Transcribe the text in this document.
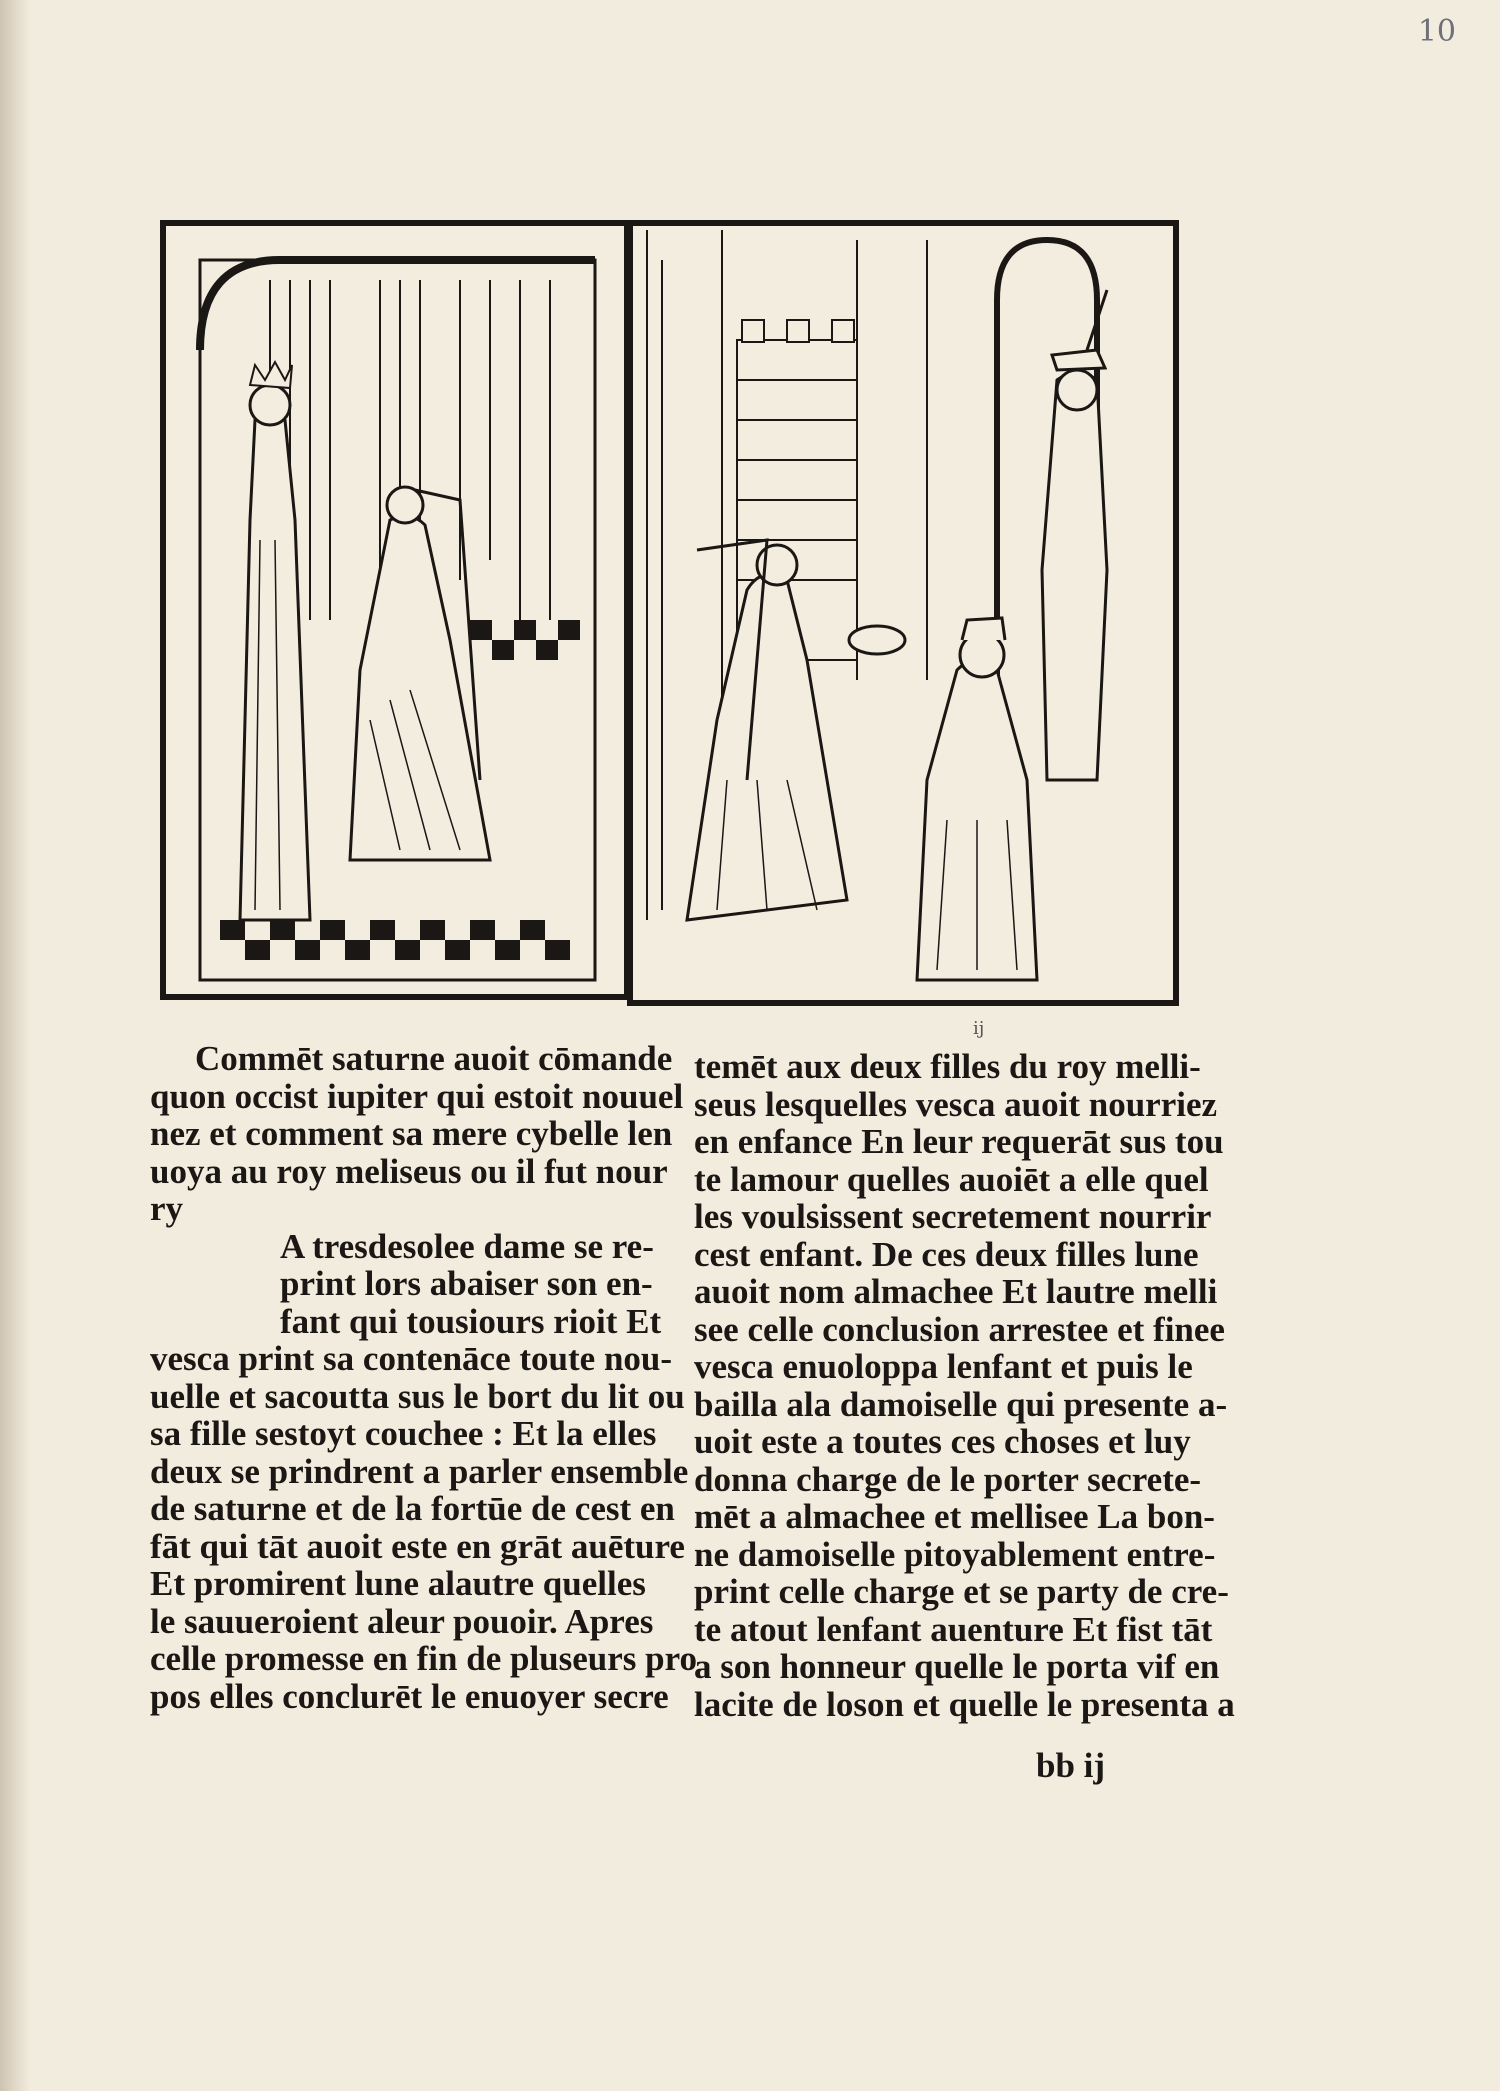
10
ij
Commēt saturne auoit cōmande
quon occist iupiter qui estoit nouuel
nez et comment sa mere cybelle len
uoya au roy meliseus ou il fut nour
ry
A tresdesolee dame se re-
print lors abaiser son en-
fant qui tousiours rioit Et
vesca print sa contenāce toute nou-
uelle et sacoutta sus le bort du lit ou
sa fille sestoyt couchee : Et la elles
deux se prindrent a parler ensemble
de saturne et de la fortūe de cest en
fāt qui tāt auoit este en grāt auēture
Et promirent lune alautre quelles
le sauueroient aleur pouoir. Apres
celle promesse en fin de pluseurs pro
pos elles conclurēt le enuoyer secre
temēt aux deux filles du roy melli-
seus lesquelles vesca auoit nourriez
en enfance En leur requerāt sus tou
te lamour quelles auoiēt a elle quel
les voulsissent secretement nourrir
cest enfant. De ces deux filles lune
auoit nom almachee Et lautre melli
see celle conclusion arrestee et finee
vesca enuoloppa lenfant et puis le
bailla ala damoiselle qui presente a-
uoit este a toutes ces choses et luy
donna charge de le porter secrete-
mēt a almachee et mellisee La bon-
ne damoiselle pitoyablement entre-
print celle charge et se party de cre-
te atout lenfant auenture Et fist tāt
a son honneur quelle le porta vif en
lacite de loson et quelle le presenta a
bb ij
